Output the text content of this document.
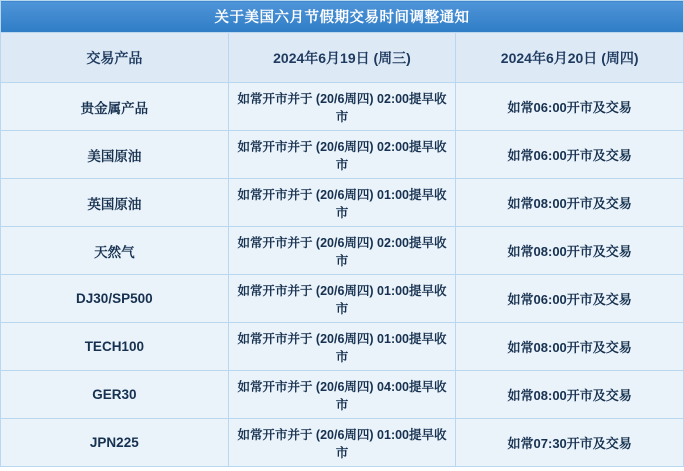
关于美国六月节假期交易时间调整通知		
交易产品	2024年6月19日 (周三)	2024年6月20日 (周四)
贵金属产品	如常开市并于 (20/6周四) 02:00提早收市	如常06:00开市及交易
美国原油	如常开市并于 (20/6周四) 02:00提早收市	如常06:00开市及交易
英国原油	如常开市并于 (20/6周四) 01:00提早收市	如常08:00开市及交易
天然气	如常开市并于 (20/6周四) 02:00提早收市	如常08:00开市及交易
DJ30/SP500	如常开市并于 (20/6周四) 01:00提早收市	如常06:00开市及交易
TECH100	如常开市并于 (20/6周四) 01:00提早收市	如常08:00开市及交易
GER30	如常开市并于 (20/6周四) 04:00提早收市	如常08:00开市及交易
JPN225	如常开市并于 (20/6周四) 01:00提早收市	如常07:30开市及交易
